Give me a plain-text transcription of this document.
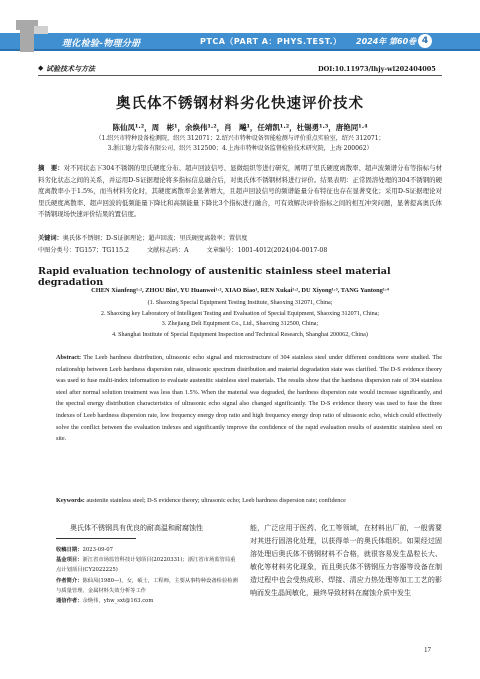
理化检验-物理分册	PTCA（PART A：PHYS.TEST.） 2024年 第60卷 4
◆ 试验技术与方法	DOI:10.11973/lhjy-wl202404005
奥氏体不锈钢材料劣化快速评价技术
陈仙凤¹·²，周　彬¹，余焕伟¹·²，肖　飚¹，任靖凯¹·²，杜锡勇¹·³，唐艳同¹·⁴
（1.绍兴市特种设备检测院，绍兴 312071；2.绍兴市特种设备智能检测与评价重点实验室，绍兴 312071；
3.浙江德力装备有限公司，绍兴 312500；4.上海市特种设备监督检验技术研究院，上海 200062）
摘　要：对不同状态下304不锈钢的里氏硬度分布、超声回波信号、显微组织等进行研究，阐明了里氏硬度离散率、超声波频谱分布等指标与材料劣化状态之间的关系，并运用D-S证据理论将多指标信息融合后，对奥氏体不锈钢材料进行评价。结果表明：正常固溶处理的304不锈钢的硬度离散率小于1.5%，而当材料劣化时，其硬度离散率会显著增大，且超声回波信号的频谱能量分布特征也存在显著变化；采用D-S证据理论对里氏硬度离散率、超声回波的低频能量下降比和高频能量下降比3个指标进行融合，可有效解决评价指标之间的相互冲突问题，显著提高奥氏体不锈钢现场快速评价结果的置信度。
关键词：奥氏体不锈钢；D-S证据理论；超声回波；里氏硬度离散率；置信度
中图分类号：TG157；TG115.2	文献标志码：A	文章编号：1001-4012(2024)04-0017-08
Rapid evaluation technology of austenitic stainless steel material degradation
CHEN Xianfeng¹·², ZHOU Bin¹, YU Huanwei¹·², XIAO Biao¹, REN Xukai¹·², DU Xiyong¹·³, TANG Yantong¹·⁴
(1. Shaoxing Special Equipment Testing Institute, Shaoxing 312071, China;
2. Shaoxing key Laboratory of Intelligent Testing and Evaluation of Special Equipment, Shaoxing 312071, China;
3. Zhejiang Deli Equipment Co., Ltd., Shaoxing 312500, China;
4. Shanghai Institute of Special Equipment Inspection and Technical Research, Shanghai 200062, China)
Abstract: The Leeb hardness distribution, ultrasonic echo signal and microstructure of 304 stainless steel under different conditions were studied. The relationship between Leeb hardness dispersion rate, ultrasonic spectrum distribution and material degradation state was clarified. The D-S evidence theory was used to fuse multi-index information to evaluate austenitic stainless steel materials. The results show that the hardness dispersion rate of 304 stainless steel after normal solution treatment was less than 1.5%. When the material was degraded, the hardness dispersion rate would increase significantly, and the spectral energy distribution characteristics of ultrasonic echo signal also changed significantly. The D-S evidence theory was used to fuse the three indexes of Leeb hardness dispersion rate, low frequency energy drop ratio and high frequency energy drop ratio of ultrasonic echo, which could effectively solve the conflict between the evaluation indexes and significantly improve the confidence of the rapid evaluation results of austenitic stainless steel on site.
Keywords: austenite stainless steel; D-S evidence theory; ultrasonic echo; Leeb hardness dispersion rate; confidence
奥氏体不锈钢具有优良的耐高温和耐腐蚀性
收稿日期：2023-09-07
基金项目：浙江省市场监管科技计划项目(20220331)；浙江省市场监管局重点计划项目(CY2022225)
作者简介：陈仙凤(1980—)，女，硕士，工程师，主要从事特种设备检验检测与质量管理、金属材料失效分析等工作
通信作者：余焕伟，yhw_sxt@163.com
能，广泛应用于医药、化工等领域，在材料出厂前，一般需要对其进行固溶化处理，以获得单一的奥氏体组织。如果经过固溶处理后奥氏体不锈钢材料不合格，就很容易发生晶粒长大、敏化等材料劣化现象，而且奥氏体不锈钢压力容器等设备在制造过程中也会受热成形、焊接、清应力热处理等加工工艺的影响而发生晶间敏化，最终导致材料在腐蚀介质中发生
17
